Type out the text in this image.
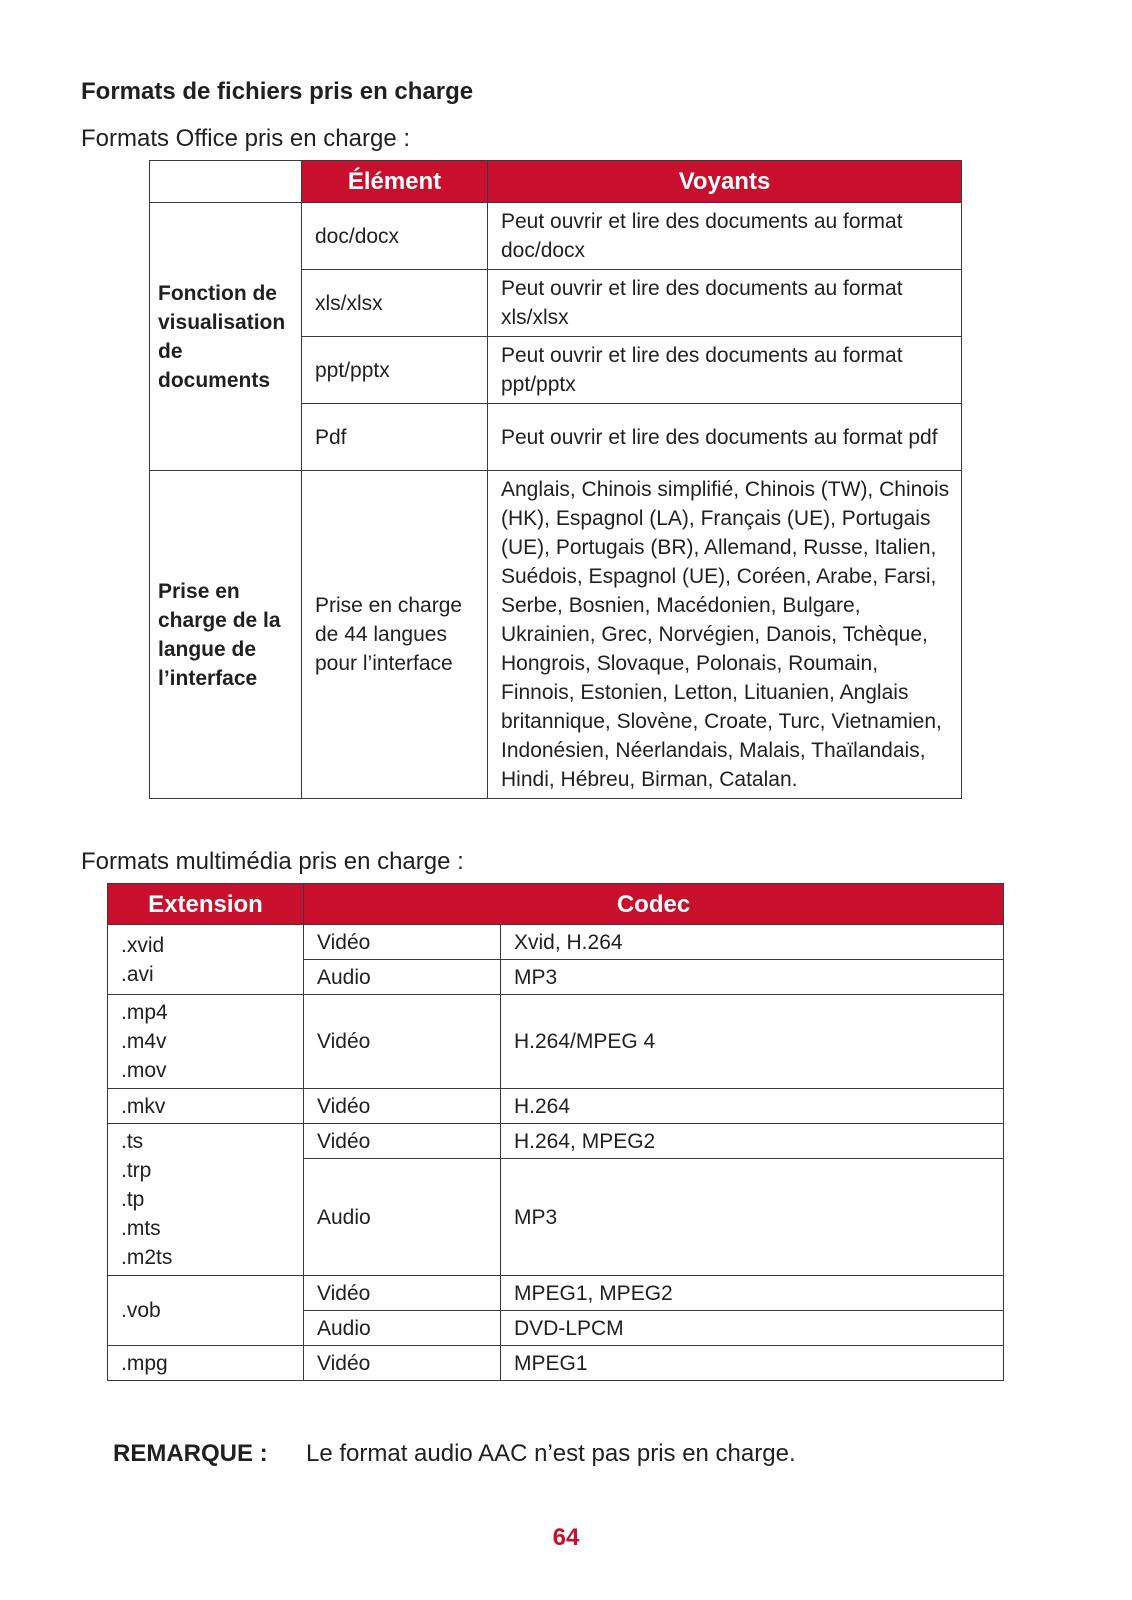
Formats de fichiers pris en charge
Formats Office pris en charge :
	Élément	Voyants
Fonction de visualisation de documents	doc/docx	Peut ouvrir et lire des documents au format doc/docx
	xls/xlsx	Peut ouvrir et lire des documents au format xls/xlsx
	ppt/pptx	Peut ouvrir et lire des documents au format ppt/pptx
	Pdf	Peut ouvrir et lire des documents au format pdf
Prise en charge de la langue de l’interface	Prise en charge de 44 langues pour l’interface	Anglais, Chinois simplifié, Chinois (TW), Chinois (HK), Espagnol (LA), Français (UE), Portugais (UE), Portugais (BR), Allemand, Russe, Italien, Suédois, Espagnol (UE), Coréen, Arabe, Farsi, Serbe, Bosnien, Macédonien, Bulgare, Ukrainien, Grec, Norvégien, Danois, Tchèque, Hongrois, Slovaque, Polonais, Roumain, Finnois, Estonien, Letton, Lituanien, Anglais britannique, Slovène, Croate, Turc, Vietnamien, Indonésien, Néerlandais, Malais, Thaïlandais, Hindi, Hébreu, Birman, Catalan.
Formats multimédia pris en charge :
Extension	Codec	

.xvid
.avi	Vidéo	Xvid, H.264
	Audio	MP3

.mp4
.m4v
.mov	Vidéo	H.264/MPEG 4

.mkv	Vidéo	H.264

.ts
.trp
.tp
.mts
.m2ts	Vidéo	H.264, MPEG2
	Audio	MP3

.vob	Vidéo	MPEG1, MPEG2
	Audio	DVD-LPCM

.mpg	Vidéo	MPEG1
REMARQUE : Le format audio AAC n’est pas pris en charge.
64
